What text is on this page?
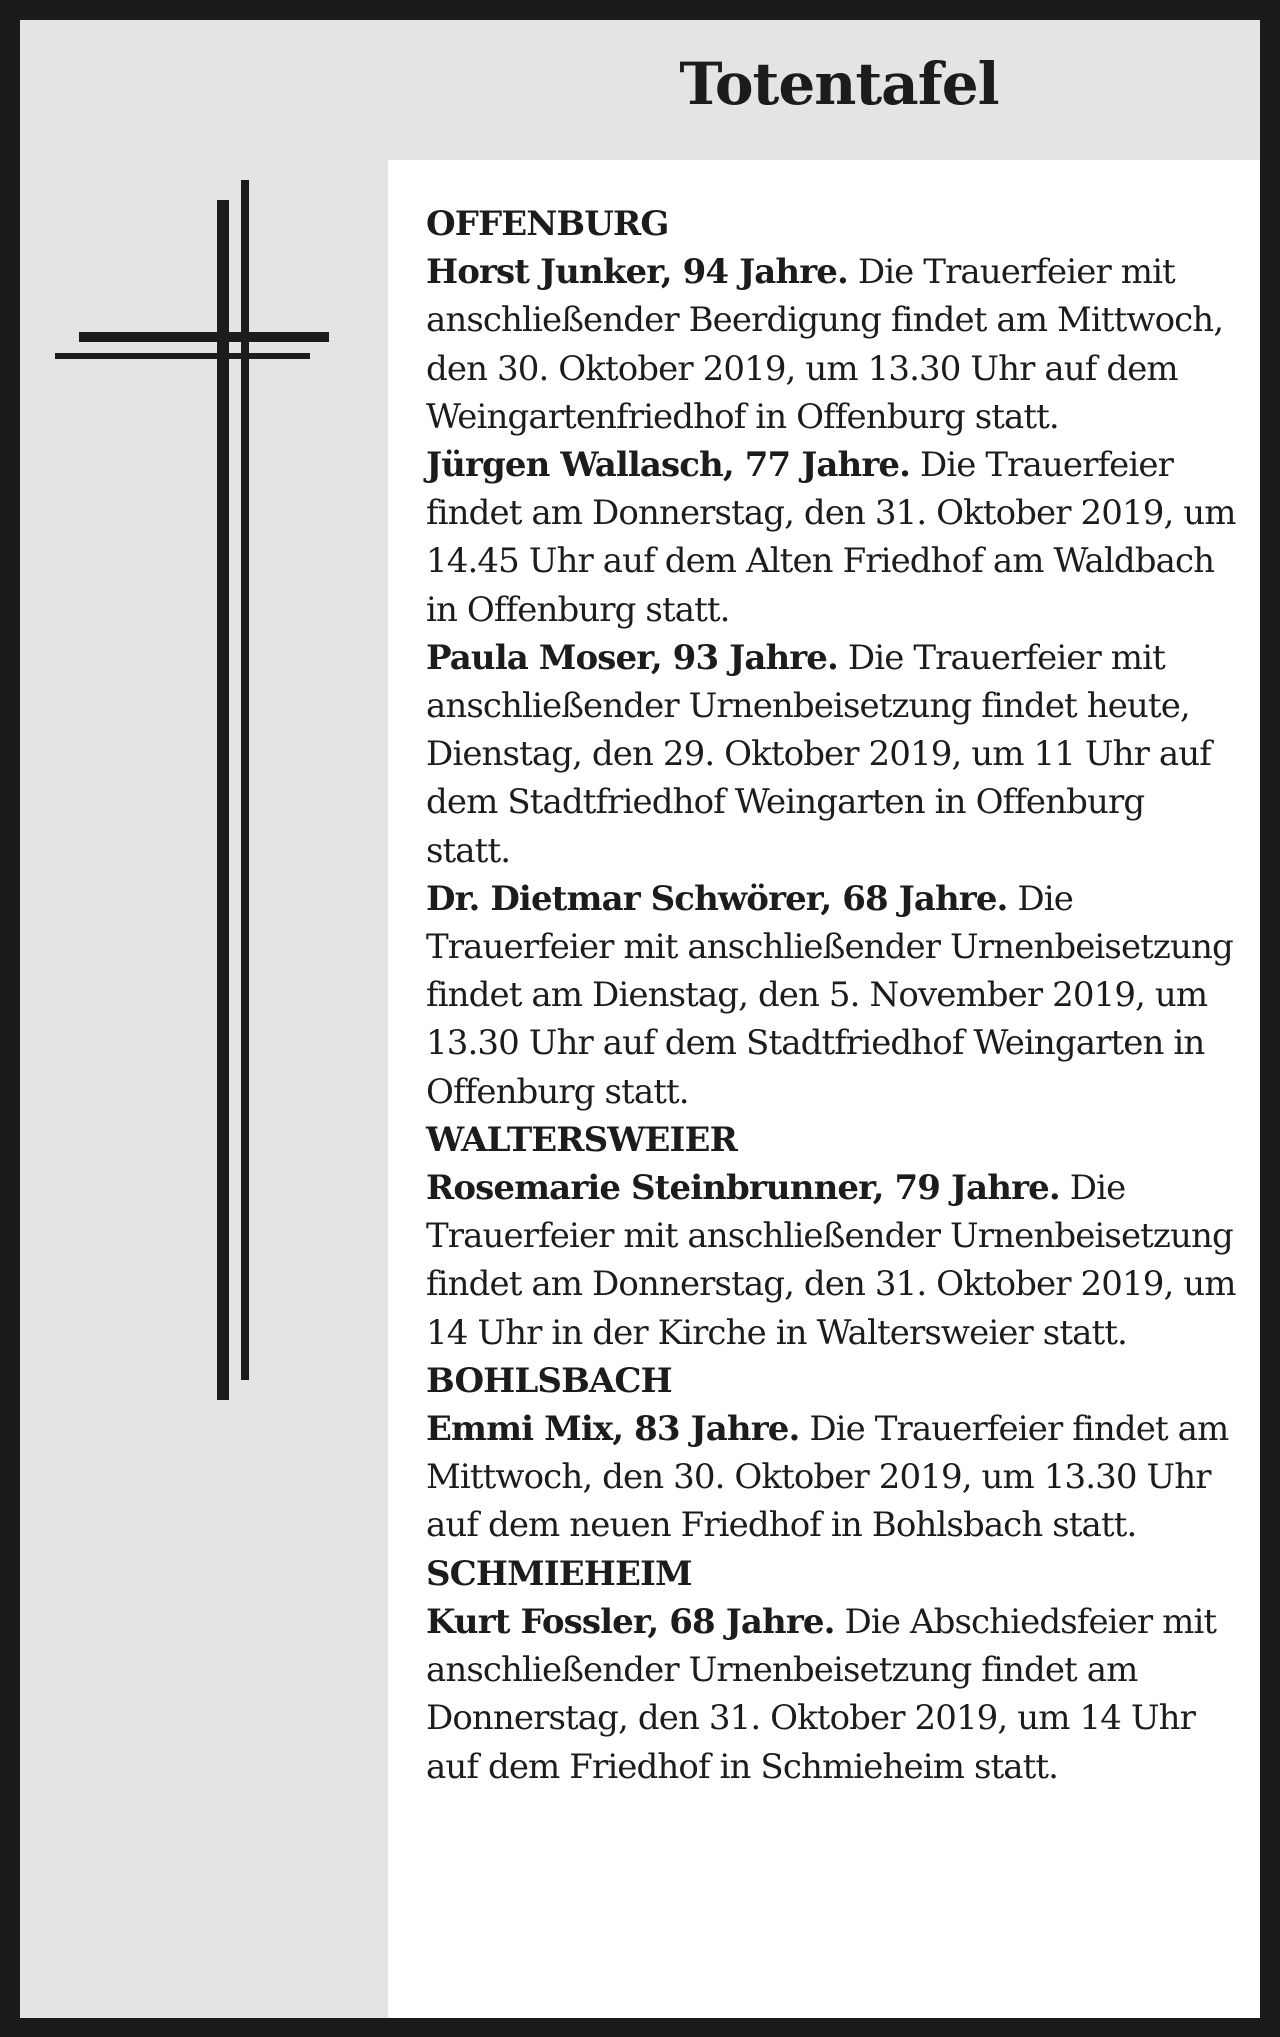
Totentafel
OFFENBURG
Horst Junker, 94 Jahre. Die Trauerfeier mit anschließender Beerdigung findet am Mittwoch, den 30. Oktober 2019, um 13.30 Uhr auf dem Weingartenfriedhof in Offenburg statt.
Jürgen Wallasch, 77 Jahre. Die Trauerfeier findet am Donnerstag, den 31. Oktober 2019, um 14.45 Uhr auf dem Alten Friedhof am Waldbach in Offenburg statt.
Paula Moser, 93 Jahre. Die Trauerfeier mit anschließender Urnenbeisetzung findet heute, Dienstag, den 29. Oktober 2019, um 11 Uhr auf dem Stadtfriedhof Weingarten in Offenburg statt.
Dr. Dietmar Schwörer, 68 Jahre. Die Trauerfeier mit anschließender Urnenbeisetzung findet am Dienstag, den 5. November 2019, um 13.30 Uhr auf dem Stadtfriedhof Weingarten in Offenburg statt.
WALTERSWEIER
Rosemarie Steinbrunner, 79 Jahre. Die Trauerfeier mit anschließender Urnenbeisetzung findet am Donnerstag, den 31. Oktober 2019, um 14 Uhr in der Kirche in Waltersweier statt.
BOHLSBACH
Emmi Mix, 83 Jahre. Die Trauerfeier findet am Mittwoch, den 30. Oktober 2019, um 13.30 Uhr auf dem neuen Friedhof in Bohlsbach statt.
SCHMIEHEIM
Kurt Fossler, 68 Jahre. Die Abschiedsfeier mit anschließender Urnenbeisetzung findet am Donnerstag, den 31. Oktober 2019, um 14 Uhr auf dem Friedhof in Schmieheim statt.
